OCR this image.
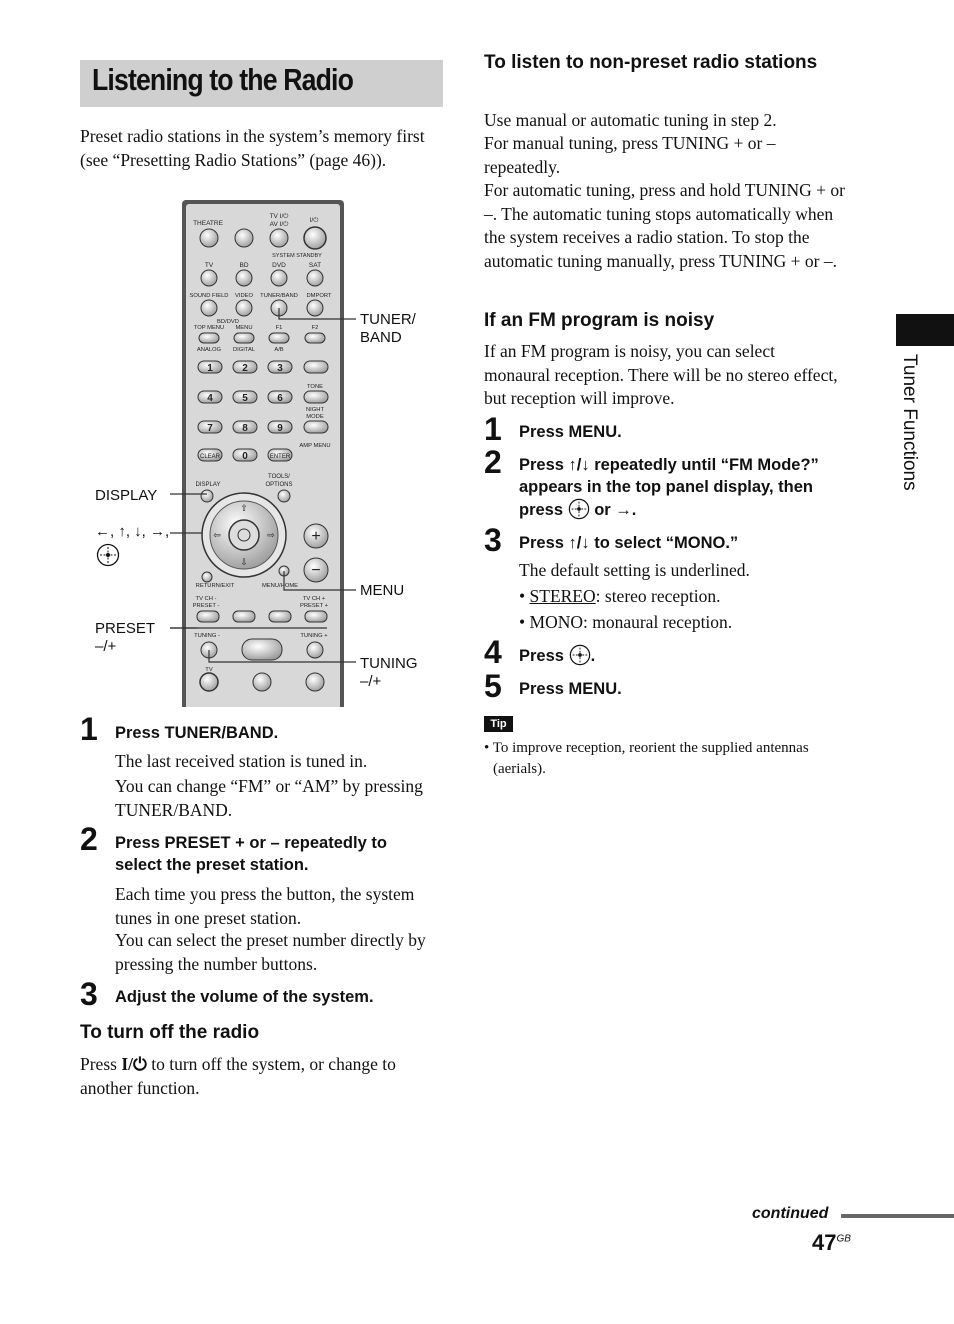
Listening to the Radio
Preset radio stations in the system’s memory first (see “Presetting Radio Stations” (page 46)).
THEATRE
TV I/⏻
AV I/⏻
I/⏻
SYSTEM STANDBY
TV	BD	DVD	SAT
SOUND FIELD VIDEO TUNER/BAND DMPORT
BD/DVD
TOP MENU MENU	F1	F2
ANALOG DIGITAL	A/B
1	2	3
TONE
4	5	6
NIGHT
MODE
7	8	9
AMP MENU
CLEAR 0	ENTER
DISPLAY
TOOLS/
OPTIONS
⇧
⇩
⇦	⇨ +
−
RETURN/EXIT	MENU/HOME
TV CH -
PRESET -
TV CH +
PRESET +
TUNING -	TUNING +
TV
TUNER/
BAND
DISPLAY
←, ↑, ↓, →,
MENU
PRESET
–/+
TUNING
–/+
1 Press TUNER/BAND.
The last received station is tuned in.
You can change “FM” or “AM” by pressing TUNER/BAND.
2 Press PRESET + or – repeatedly to select the preset station.
Each time you press the button, the system tunes in one preset station.
You can select the preset number directly by pressing the number buttons.
3 Adjust the volume of the system.
To turn off the radio
Press I/⏻ to turn off the system, or change to another function.
To listen to non-preset radio stations
Use manual or automatic tuning in step 2.
For manual tuning, press TUNING + or – repeatedly.
For automatic tuning, press and hold TUNING + or –. The automatic tuning stops automatically when the system receives a radio station. To stop the automatic tuning manually, press TUNING + or –.
If an FM program is noisy
If an FM program is noisy, you can select monaural reception. There will be no stereo effect, but reception will improve.
1 Press MENU.
2 Press ↑/↓ repeatedly until “FM Mode?” appears in the top panel display, then press or →.
3 Press ↑/↓ to select “MONO.”
The default setting is underlined.
• STEREO: stereo reception.
• MONO: monaural reception.
4 Press .
5 Press MENU.
Tip
• To improve reception, reorient the supplied antennas (aerials).
Tuner Functions
continued
$47^{GB}$
